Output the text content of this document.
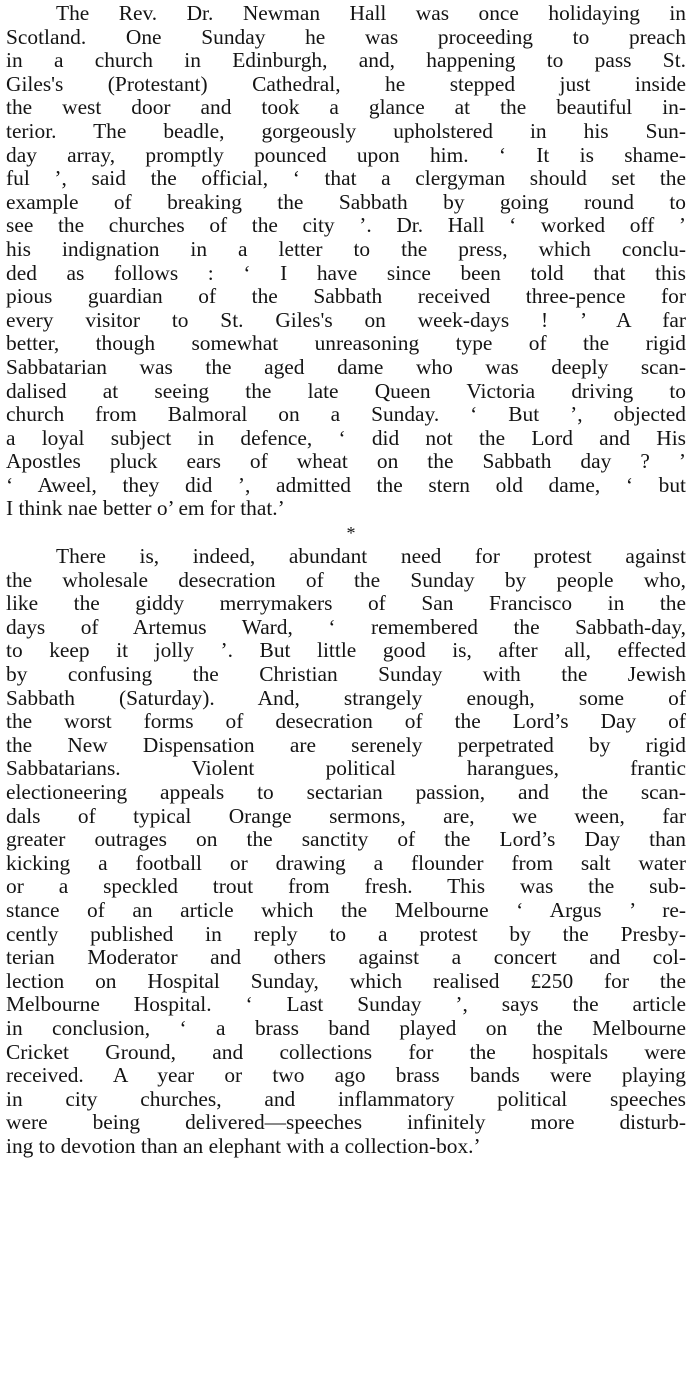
The Rev. Dr. Newman Hall was once holidaying in
Scotland. One Sunday he was proceeding to preach
in a church in Edinburgh, and, happening to pass St.
Giles's (Protestant) Cathedral, he stepped just inside
the west door and took a glance at the beautiful in-
terior. The beadle, gorgeously upholstered in his Sun-
day array, promptly pounced upon him. ‘ It is shame-
ful ’, said the official, ‘ that a clergyman should set the
example of breaking the Sabbath by going round to
see the churches of the city ’. Dr. Hall ‘ worked off ’
his indignation in a letter to the press, which conclu-
ded as follows : ‘ I have since been told that this
pious guardian of the Sabbath received three-pence for
every visitor to St. Giles's on week-days ! ’ A far
better, though somewhat unreasoning type of the rigid
Sabbatarian was the aged dame who was deeply scan-
dalised at seeing the late Queen Victoria driving to
church from Balmoral on a Sunday. ‘ But ’, objected
a loyal subject in defence, ‘ did not the Lord and His
Apostles pluck ears of wheat on the Sabbath day ? ’
‘ Aweel, they did ’, admitted the stern old dame, ‘ but
I think nae better o’ em for that.’
*
There is, indeed, abundant need for protest against
the wholesale desecration of the Sunday by people who,
like the giddy merrymakers of San Francisco in the
days of Artemus Ward, ‘ remembered the Sabbath-day,
to keep it jolly ’. But little good is, after all, effected
by confusing the Christian Sunday with the Jewish
Sabbath (Saturday). And, strangely enough, some of
the worst forms of desecration of the Lord’s Day of
the New Dispensation are serenely perpetrated by rigid
Sabbatarians. Violent political harangues, frantic
electioneering appeals to sectarian passion, and the scan-
dals of typical Orange sermons, are, we ween, far
greater outrages on the sanctity of the Lord’s Day than
kicking a football or drawing a flounder from salt water
or a speckled trout from fresh. This was the sub-
stance of an article which the Melbourne ‘ Argus ’ re-
cently published in reply to a protest by the Presby-
terian Moderator and others against a concert and col-
lection on Hospital Sunday, which realised £250 for the
Melbourne Hospital. ‘ Last Sunday ’, says the article
in conclusion, ‘ a brass band played on the Melbourne
Cricket Ground, and collections for the hospitals were
received. A year or two ago brass bands were playing
in city churches, and inflammatory political speeches
were being delivered—speeches infinitely more disturb-
ing to devotion than an elephant with a collection-box.’
